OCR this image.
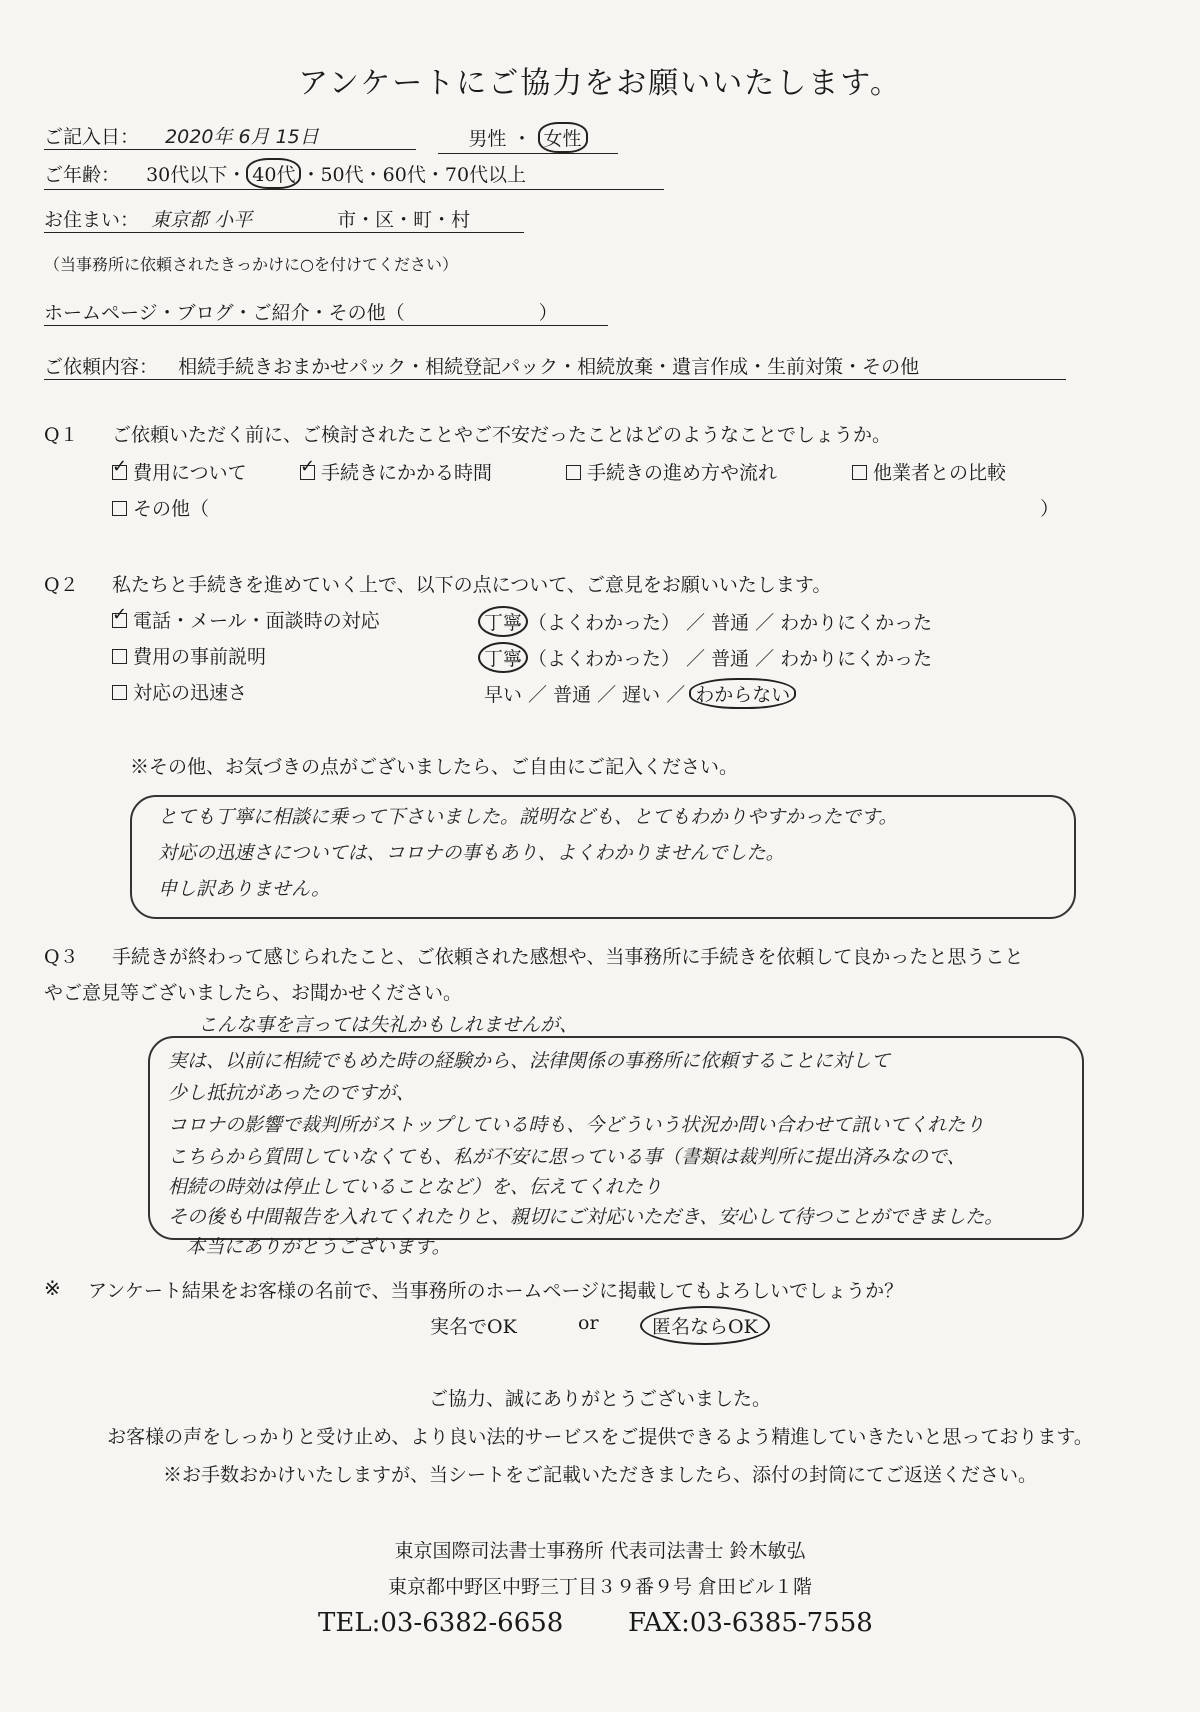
アンケートにご協力をお願いいたします。
ご記入日： 2020年 6月 15日	男性 ・ 女性
ご年齢： 30代以下・ 40代 ・50代・60代・70代以上
お住まい： 東京都 小平	市・区・町・村
（当事務所に依頼されたきっかけに○を付けてください）
ホームページ・ブログ・ご紹介・その他（	）
ご依頼内容： 相続手続きおまかせパック・相続登記パック・相続放棄・遺言作成・生前対策・その他
Q１ ご依頼いただく前に、ご検討されたことやご不安だったことはどのようなことでしょうか。
✓費用について
✓	手続きにかかる時間	手続きの進め方や流れ	他業者との比較
その他（	）
Q２ 私たちと手続きを進めていく上で、以下の点について、ご意見をお願いいたします。
✓電話・メール・面談時の対応	丁寧 （よくわかった） ／ 普通 ／ わかりにくかった
費用の事前説明	丁寧 （よくわかった） ／ 普通 ／ わかりにくかった
対応の迅速さ	早い ／ 普通 ／ 遅い ／ わからない
※その他、お気づきの点がございましたら、ご自由にご記入ください。
とても丁寧に相談に乗って下さいました。説明なども、とてもわかりやすかったです。
対応の迅速さについては、コロナの事もあり、よくわかりませんでした。
申し訳ありません。
Q３ 手続きが終わって感じられたこと、ご依頼された感想や、当事務所に手続きを依頼して良かったと思うこと
やご意見等ございましたら、お聞かせください。
こんな事を言っては失礼かもしれませんが、
実は、以前に相続でもめた時の経験から、法律関係の事務所に依頼することに対して
少し抵抗があったのですが、
コロナの影響で裁判所がストップしている時も、今どういう状況か問い合わせて訊いてくれたり
こちらから質問していなくても、私が不安に思っている事（書類は裁判所に提出済みなので、
相続の時効は停止していることなど）を、伝えてくれたり
その後も中間報告を入れてくれたりと、親切にご対応いただき、安心して待つことができました。
本当にありがとうございます。
※ アンケート結果をお客様の名前で、当事務所のホームページに掲載してもよろしいでしょうか？
実名でOK	or	匿名ならOK
ご協力、誠にありがとうございました。
お客様の声をしっかりと受け止め、より良い法的サービスをご提供できるよう精進していきたいと思っております。
※お手数おかけいたしますが、当シートをご記載いただきましたら、添付の封筒にてご返送ください。
東京国際司法書士事務所 代表司法書士 鈴木敏弘
東京都中野区中野三丁目３９番９号 倉田ビル１階
TEL:03-6382-6658 FAX:03-6385-7558
